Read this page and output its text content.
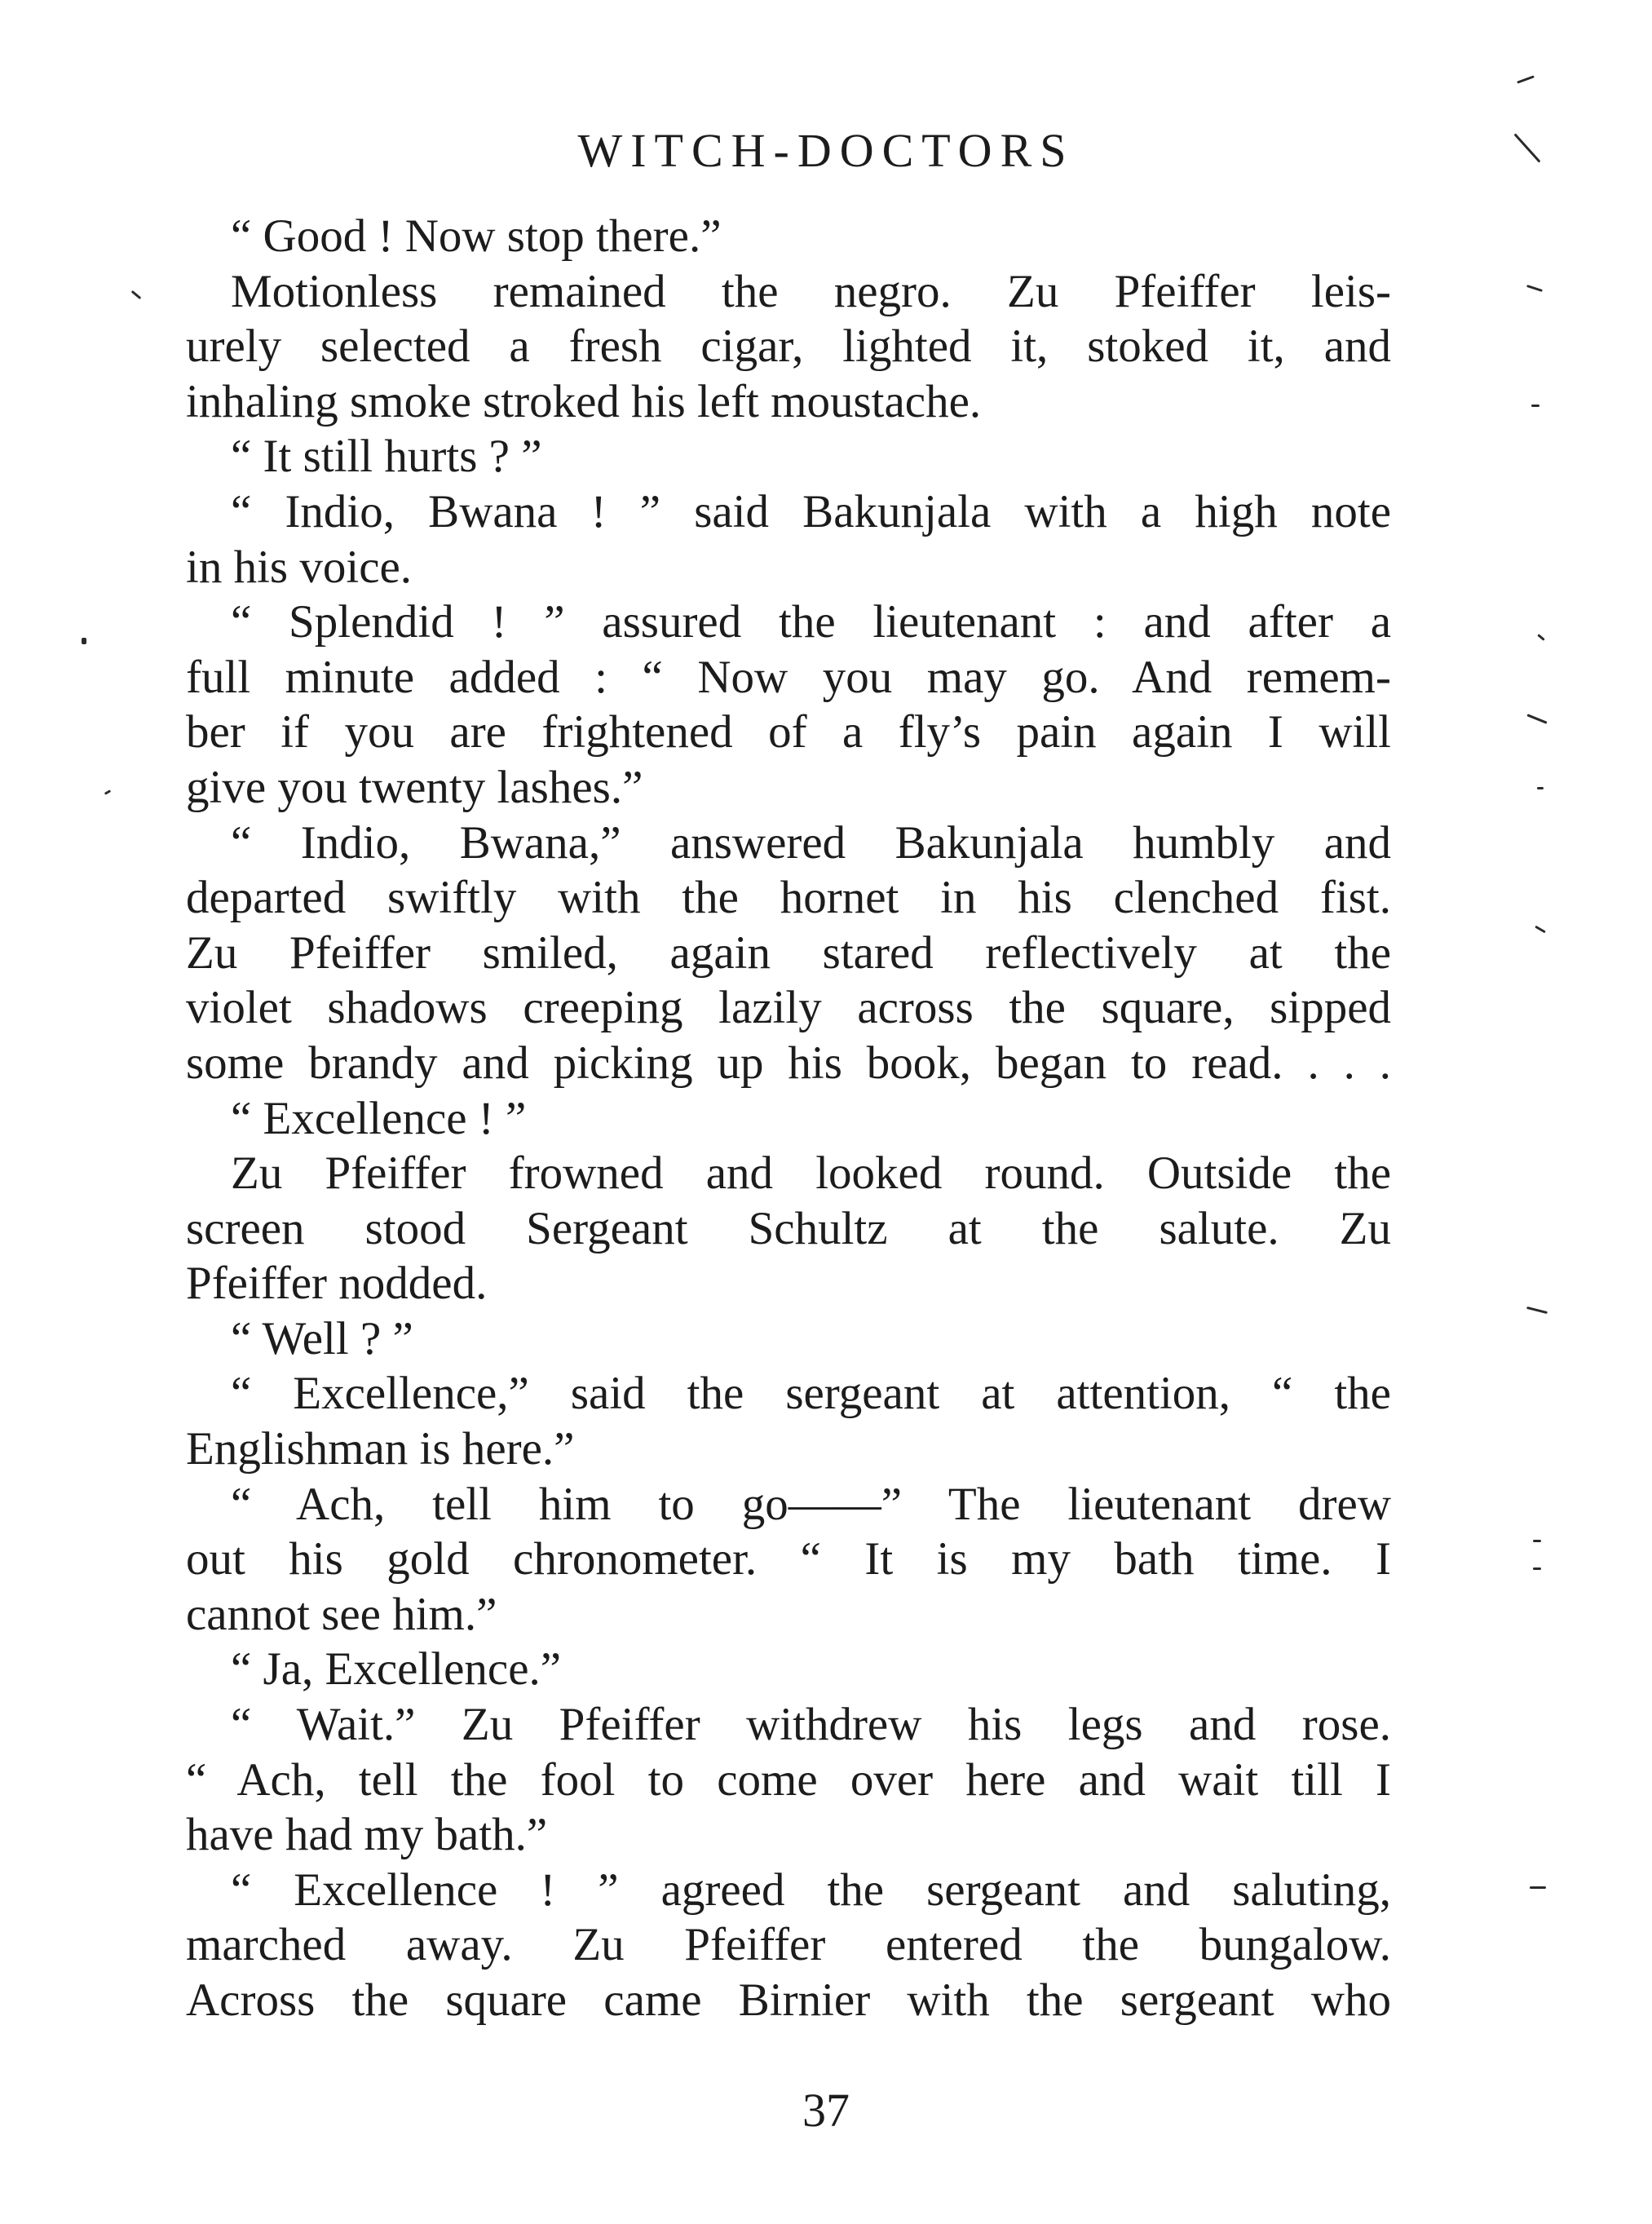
WITCH-DOCTORS
“ Good ! Now stop there.”
Motionless remained the negro. Zu Pfeiffer leis-
urely selected a fresh cigar, lighted it, stoked it, and
inhaling smoke stroked his left moustache.
“ It still hurts ? ”
“ Indio, Bwana ! ” said Bakunjala with a high note
in his voice.
“ Splendid ! ” assured the lieutenant : and after a
full minute added : “ Now you may go. And remem-
ber if you are frightened of a fly’s pain again I will
give you twenty lashes.”
“ Indio, Bwana,” answered Bakunjala humbly and
departed swiftly with the hornet in his clenched fist.
Zu Pfeiffer smiled, again stared reflectively at the
violet shadows creeping lazily across the square, sipped
some brandy and picking up his book, began to read. . . .
“ Excellence ! ”
Zu Pfeiffer frowned and looked round. Outside the
screen stood Sergeant Schultz at the salute. Zu
Pfeiffer nodded.
“ Well ? ”
“ Excellence,” said the sergeant at attention, “ the
Englishman is here.”
“ Ach, tell him to go——” The lieutenant drew
out his gold chronometer. “ It is my bath time. I
cannot see him.”
“ Ja, Excellence.”
“ Wait.” Zu Pfeiffer withdrew his legs and rose.
“ Ach, tell the fool to come over here and wait till I
have had my bath.”
“ Excellence ! ” agreed the sergeant and saluting,
marched away. Zu Pfeiffer entered the bungalow.
Across the square came Birnier with the sergeant who
37
